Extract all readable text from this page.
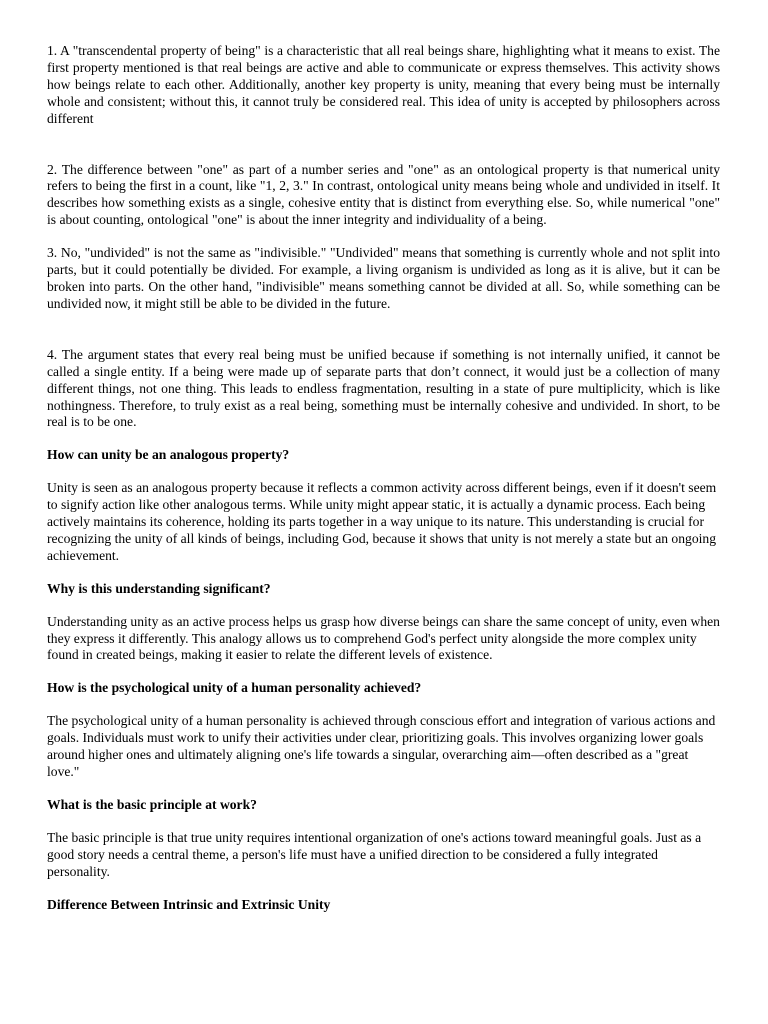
1. A "transcendental property of being" is a characteristic that all real beings share, highlighting what it means to exist. The first property mentioned is that real beings are active and able to communicate or express themselves. This activity shows how beings relate to each other. Additionally, another key property is unity, meaning that every being must be internally whole and consistent; without this, it cannot truly be considered real. This idea of unity is accepted by philosophers across different

2. The difference between "one" as part of a number series and "one" as an ontological property is that numerical unity refers to being the first in a count, like "1, 2, 3." In contrast, ontological unity means being whole and undivided in itself. It describes how something exists as a single, cohesive entity that is distinct from everything else. So, while numerical "one" is about counting, ontological "one" is about the inner integrity and individuality of a being.

3. No, "undivided" is not the same as "indivisible." "Undivided" means that something is currently whole and not split into parts, but it could potentially be divided. For example, a living organism is undivided as long as it is alive, but it can be broken into parts. On the other hand, "indivisible" means something cannot be divided at all. So, while something can be undivided now, it might still be able to be divided in the future.

4. The argument states that every real being must be unified because if something is not internally unified, it cannot be called a single entity. If a being were made up of separate parts that don’t connect, it would just be a collection of many different things, not one thing. This leads to endless fragmentation, resulting in a state of pure multiplicity, which is like nothingness. Therefore, to truly exist as a real being, something must be internally cohesive and undivided. In short, to be real is to be one.

How can unity be an analogous property?

Unity is seen as an analogous property because it reflects a common activity across different beings, even if it doesn't seem to signify action like other analogous terms. While unity might appear static, it is actually a dynamic process. Each being actively maintains its coherence, holding its parts together in a way unique to its nature. This understanding is crucial for recognizing the unity of all kinds of beings, including God, because it shows that unity is not merely a state but an ongoing achievement.

Why is this understanding significant?

Understanding unity as an active process helps us grasp how diverse beings can share the same concept of unity, even when they express it differently. This analogy allows us to comprehend God's perfect unity alongside the more complex unity found in created beings, making it easier to relate the different levels of existence.

How is the psychological unity of a human personality achieved?

The psychological unity of a human personality is achieved through conscious effort and integration of various actions and goals. Individuals must work to unify their activities under clear, prioritizing goals. This involves organizing lower goals around higher ones and ultimately aligning one's life towards a singular, overarching aim—often described as a "great love."

What is the basic principle at work?

The basic principle is that true unity requires intentional organization of one's actions toward meaningful goals. Just as a good story needs a central theme, a person's life must have a unified direction to be considered a fully integrated personality.

Difference Between Intrinsic and Extrinsic Unity
